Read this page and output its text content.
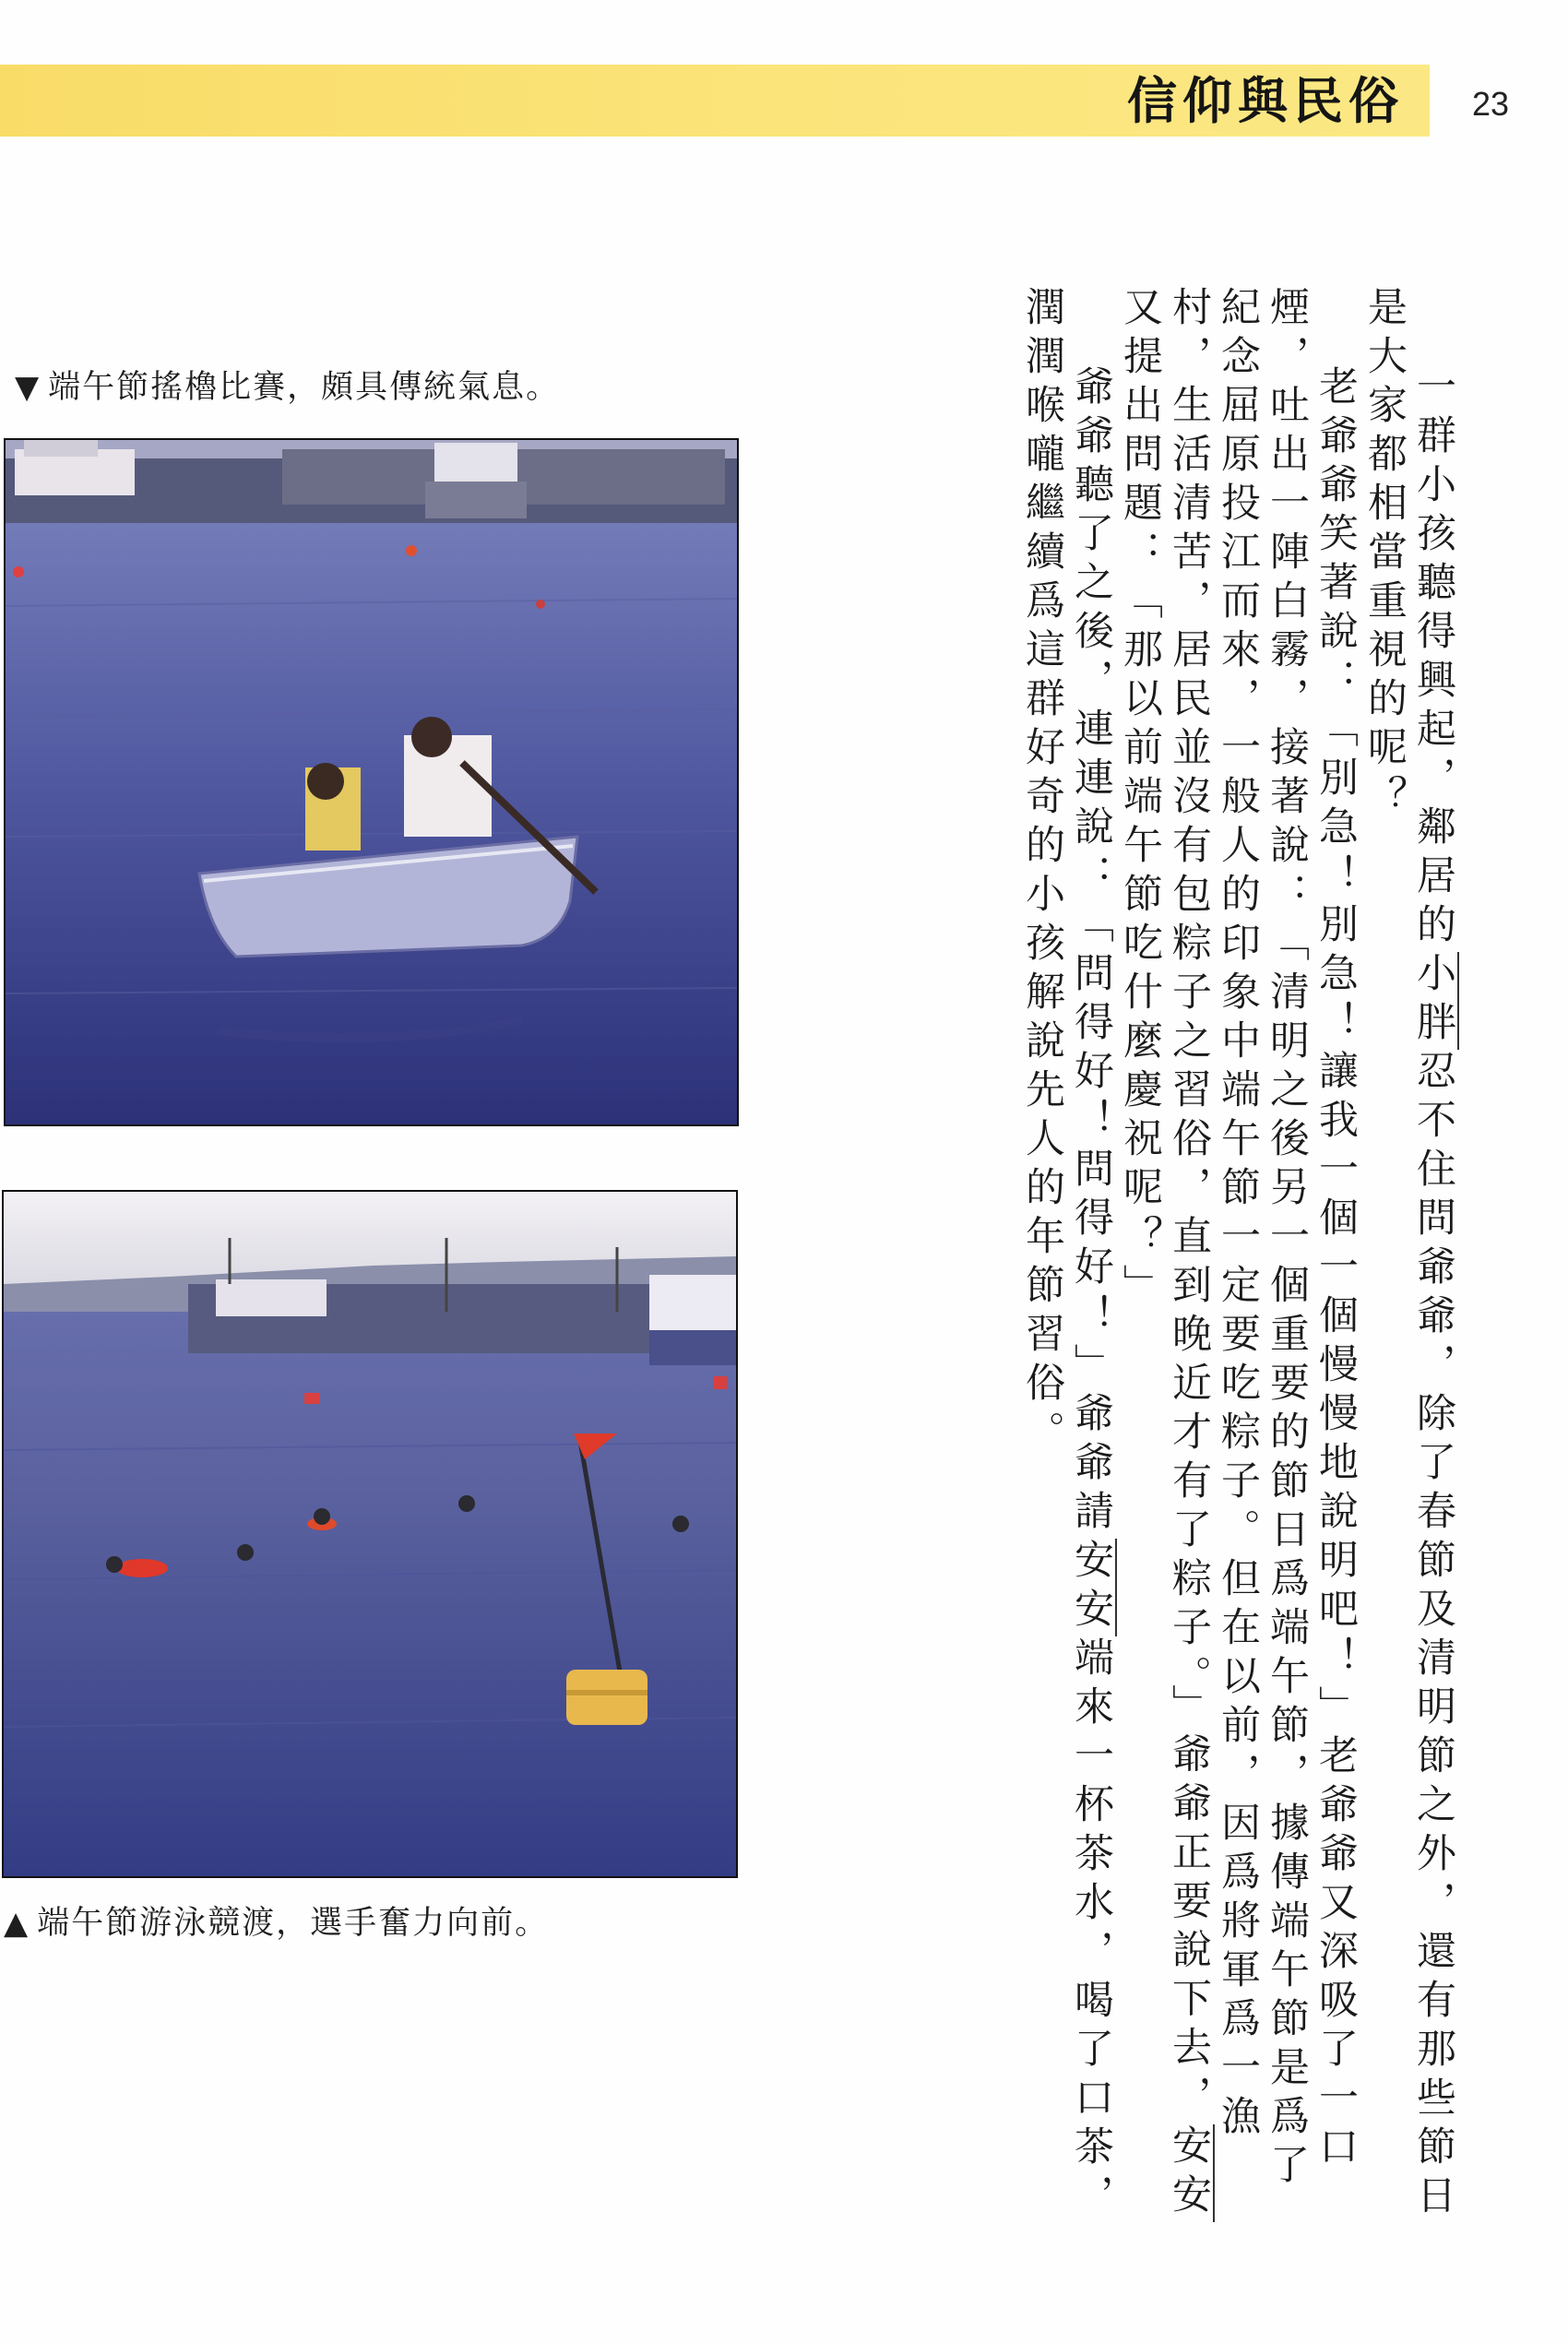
信仰與民俗 23
▼ 端午節搖櫓比賽，頗具傳統氣息。
▲ 端午節游泳競渡，選手奮力向前。

一群小孩聽得興起，鄰居的小胖忍不住問爺爺，除了春節及清明節之外，還有那些節日是大家都相當重視的呢？

老爺爺笑著說：「別急！別急！讓我一個一個慢慢地說明吧！」老爺爺又深吸了一口煙，吐出一陣白霧，接著說：「清明之後另一個重要的節日爲端午節，據傳端午節是爲了紀念屈原投江而來，一般人的印象中端午節一定要吃粽子。但在以前，因爲將軍爲一漁村，生活清苦，居民並沒有包粽子之習俗，直到晚近才有了粽子。」爺爺正要說下去，安安又提出問題：「那以前端午節吃什麼慶祝呢？」

爺爺聽了之後，連連說：「問得好！問得好！」爺爺請安安端來一杯茶水，喝了口茶，潤潤喉嚨繼續爲這群好奇的小孩解說先人的年節習俗。
